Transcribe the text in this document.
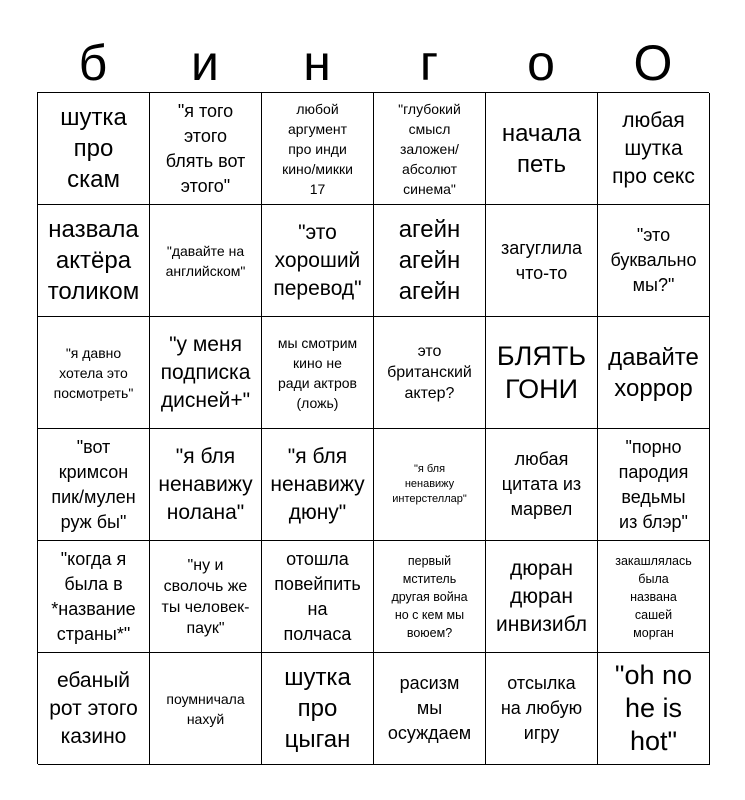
б	и	н	г	о	O
шутка
про
скам
"я того
этого
блять вот
этого"
любой
аргумент
про инди
кино/микки
17
"глубокий
смысл
заложен/
абсолют
синема"
начала
петь
любая
шутка
про секс
назвала
актёра
толиком
"давайте на
английском"
"это
хороший
перевод"
агейн
агейн
агейн
загуглила
что-то
"это
буквально
мы?"
"я давно
хотела это
посмотреть"
"у меня
подписка
дисней+"
мы смотрим
кино не
ради актров
(ложь)
это
британский
актер?
БЛЯТЬ
ГОНИ
давайте
хоррор
"вот
кримсон
пик/мулен
руж бы"
"я бля
ненавижу
нолана"
"я бля
ненавижу
дюну"
"я бля
ненавижу
интерстеллар"
любая
цитата из
марвел
"порно
пародия
ведьмы
из блэр"
"когда я
была в
*название
страны*"
"ну и
сволочь же
ты человек-
паук"
отошла
повейпить
на
полчаса
первый
мститель
другая война
но с кем мы
воюем?
дюран
дюран
инвизибл
закашлялась
была
названа
сашей
морган
ебаный
рот этого
казино
поумничала
нахуй
шутка
про
цыган
расизм
мы
осуждаем
отсылка
на любую
игру
"oh no
he is
hot"
